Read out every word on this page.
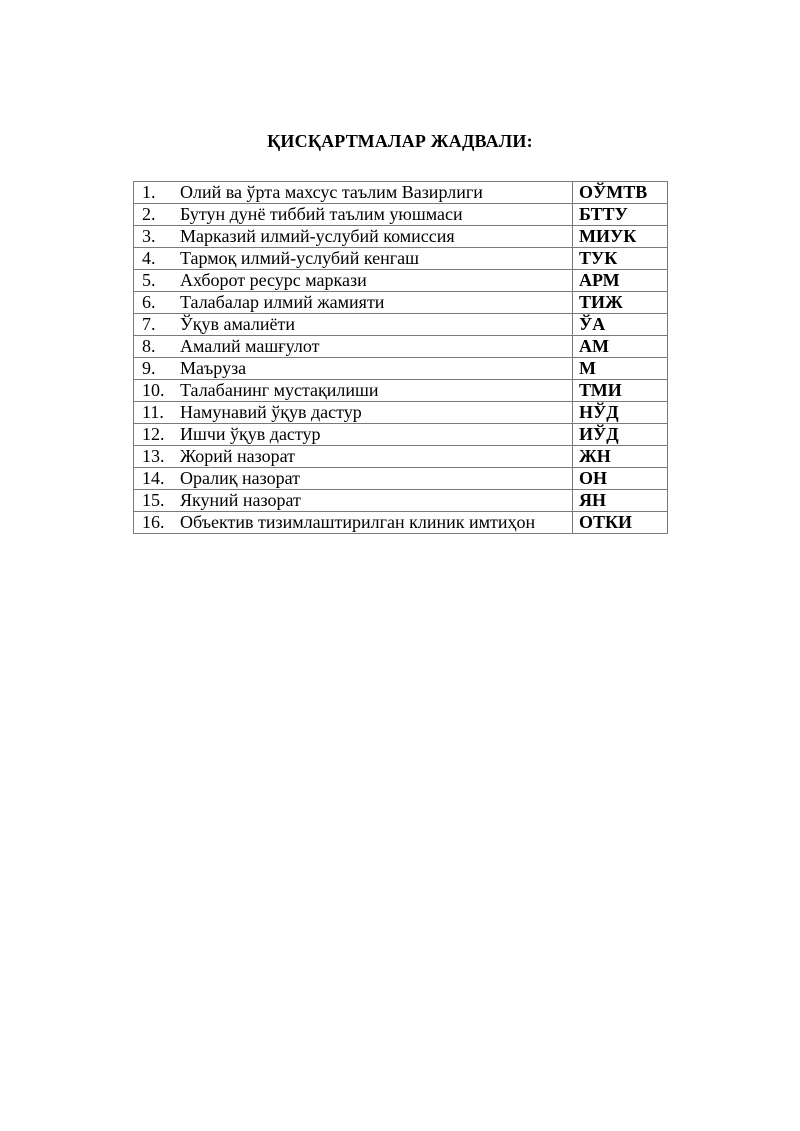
ҚИСҚАРТМАЛАР ЖАДВАЛИ:
1. Олий ва ўрта махсус таълим Вазирлиги	ОЎМТВ
2. Бутун дунё тиббий таълим уюшмаси	БТТУ
3. Марказий илмий-услубий комиссия	МИУК
4. Тармоқ илмий-услубий кенгаш	ТУК
5. Ахборот ресурс маркази	АРМ
6. Талабалар илмий жамияти	ТИЖ
7. Ўқув амалиёти	ЎА
8. Амалий машғулот	АМ
9. Маъруза	М
10. Талабанинг мустақилиши	ТМИ
11. Намунавий ўқув дастур	НЎД
12. Ишчи ўқув дастур	ИЎД
13. Жорий назорат	ЖН
14. Оралиқ назорат	ОН
15. Якуний назорат	ЯН
16. Объектив тизимлаштирилган клиник имтиҳон	ОТКИ
